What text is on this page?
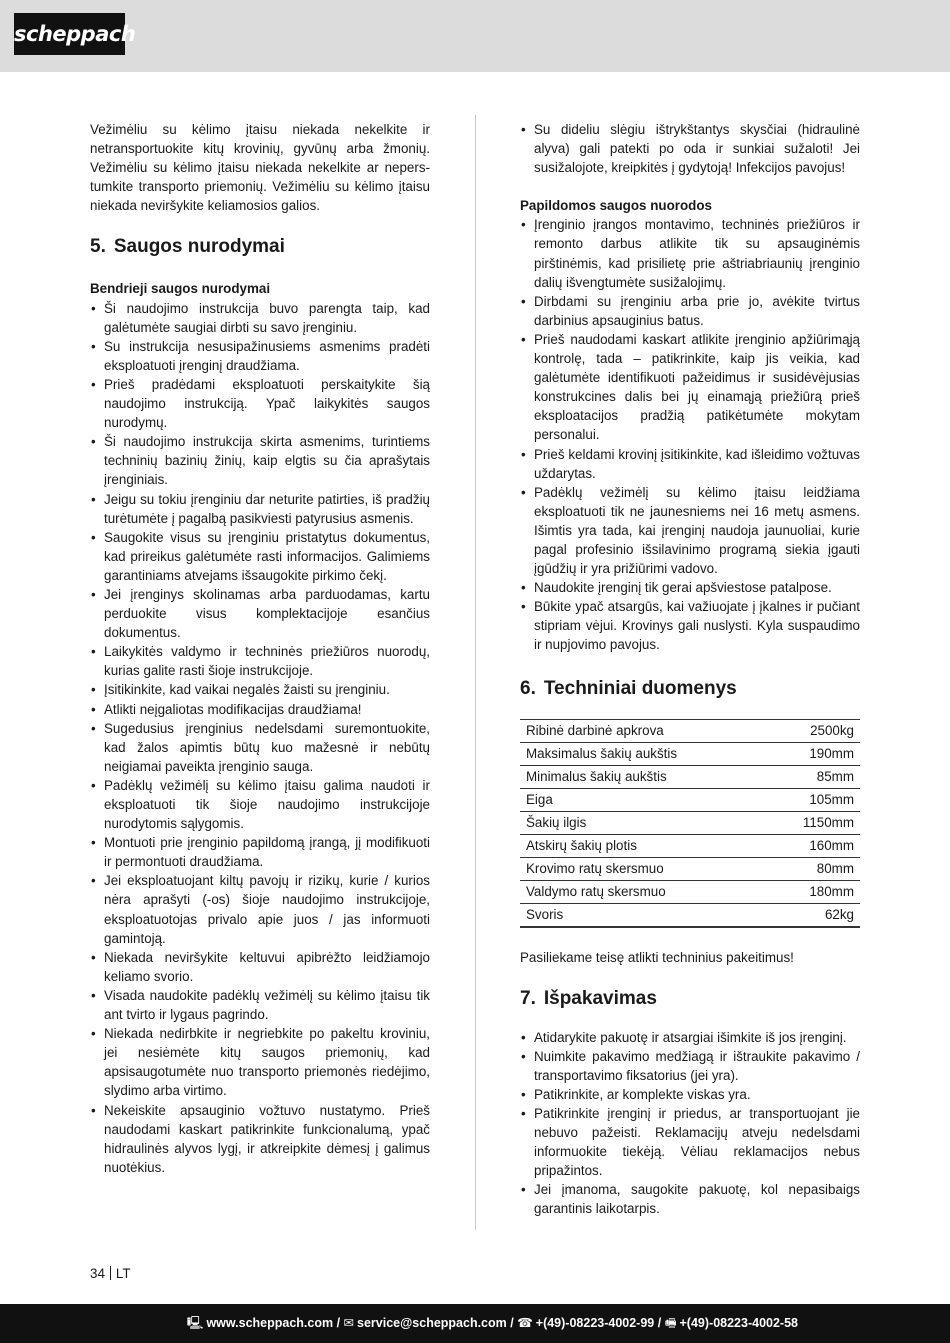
scheppach

Vežimėliu su kėlimo įtaisu niekada nekelkite ir netransportuokite kitų krovinių, gyvūnų arba žmonių. Vežimėliu su kėlimo įtaisu niekada nekelkite ar neperstumkite transporto priemonių. Vežimėliu su kėlimo įtaisu niekada neviršykite keliamosios galios.

5. Saugos nurodymai

Bendrieji saugos nurodymai

• Ši naudojimo instrukcija buvo parengta taip, kad galėtumėte saugiai dirbti su savo įrenginiu.
• Su instrukcija nesusipažinusiems asmenims pradėti eksploatuoti įrenginį draudžiama.
• Prieš pradėdami eksploatuoti perskaitykite šią naudojimo instrukciją. Ypač laikykitės saugos nurodymų.
• Ši naudojimo instrukcija skirta asmenims, turintiems techninių bazinių žinių, kaip elgtis su čia aprašytais įrenginiais.
• Jeigu su tokiu įrenginiu dar neturite patirties, iš pradžių turėtumėte į pagalbą pasikviesti patyrusius asmenis.
• Saugokite visus su įrenginiu pristatytus dokumentus, kad prireikus galėtumėte rasti informacijos. Galimiems garantiniams atvejams išsaugokite pirkimo čekį.
• Jei įrenginys skolinamas arba parduodamas, kartu perduokite visus komplektacijoje esančius dokumentus.
• Laikykitės valdymo ir techninės priežiūros nuorodų, kurias galite rasti šioje instrukcijoje.
• Įsitikinkite, kad vaikai negalės žaisti su įrenginiu.
• Atlikti neįgaliotas modifikacijas draudžiama!
• Sugedusius įrenginius nedelsdami suremontuokite, kad žalos apimtis būtų kuo mažesnė ir nebūtų neigiamai paveikta įrenginio sauga.
• Padėklų vežimėlį su kėlimo įtaisu galima naudoti ir eksploatuoti tik šioje naudojimo instrukcijoje nurodytomis sąlygomis.
• Montuoti prie įrenginio papildomą įrangą, jį modifikuoti ir permontuoti draudžiama.
• Jei eksploatuojant kiltų pavojų ir rizikų, kurie / kurios nėra aprašyti (-os) šioje naudojimo instrukcijoje, eksploatuotojas privalo apie juos / jas informuoti gamintoją.
• Niekada neviršykite keltuvui apibrėžto leidžiamojo keliamo svorio.
• Visada naudokite padėklų vežimėlį su kėlimo įtaisu tik ant tvirto ir lygaus pagrindo.
• Niekada nedirbkite ir negriebkite po pakeltu kroviniu, jei nesiėmėte kitų saugos priemonių, kad apsisaugotumėte nuo transporto priemonės riedėjimo, slydimo arba virtimo.
• Nekeiskite apsauginio vožtuvo nustatymo. Prieš naudodami kaskart patikrinkite funkcionalumą, ypač hidraulinės alyvos lygį, ir atkreipkite dėmesį į galimus nuotėkius.
• Su dideliu slėgiu ištrykštantys skysčiai (hidraulinė alyva) gali patekti po oda ir sunkiai sužaloti! Jei susižalojote, kreipkitės į gydytoją! Infekcijos pavojus!

Papildomos saugos nuorodos

• Įrenginio įrangos montavimo, techninės priežiūros ir remonto darbus atlikite tik su apsauginėmis pirštinėmis, kad prisilietę prie aštriabriaunių įrenginio dalių išvengtumėte susižalojimų.
• Dirbdami su įrenginiu arba prie jo, avėkite tvirtus darbinius apsauginius batus.
• Prieš naudodami kaskart atlikite įrenginio apžiūrimąją kontrolę, tada – patikrinkite, kaip jis veikia, kad galėtumėte identifikuoti pažeidimus ir susidėvėjusias konstrukcines dalis bei jų einamąją priežiūrą prieš eksploatacijos pradžią patikėtumėte mokytam personalui.
• Prieš keldami krovinį įsitikinkite, kad išleidimo vožtuvas uždarytas.
• Padėklų vežimėlį su kėlimo įtaisu leidžiama eksploatuoti tik ne jaunesniems nei 16 metų asmens. Išimtis yra tada, kai įrenginį naudoja jaunuoliai, kurie pagal profesinio išsilavinimo programą siekia įgauti įgūdžių ir yra prižiūrimi vadovo.
• Naudokite įrenginį tik gerai apšviestose patalpose.
• Būkite ypač atsargūs, kai važiuojate į įkalnes ir pučiant stipriam vėjui. Krovinys gali nuslysti. Kyla suspaudimo ir nupjovimo pavojus.
6. Techniniai duomenys
Ribinė darbinė apkrova	2500kg
Maksimalus šakių aukštis	190mm
Minimalus šakių aukštis	85mm
Eiga	105mm
Šakių ilgis	1150mm
Atskirų šakių plotis	160mm
Krovimo ratų skersmuo	80mm
Valdymo ratų skersmuo	180mm
Svoris	62kg

Pasiliekame teisę atlikti techninius pakeitimus!

7. Išpakavimas
• Atidarykite pakuotę ir atsargiai išimkite iš jos įrenginį.
• Nuimkite pakavimo medžiagą ir ištraukite pakavimo / transportavimo fiksatorius (jei yra).
• Patikrinkite, ar komplekte viskas yra.
• Patikrinkite įrenginį ir priedus, ar transportuojant jie nebuvo pažeisti. Reklamacijų atveju nedelsdami informuokite tiekėją. Vėliau reklamacijos nebus pripažintos.
• Jei įmanoma, saugokite pakuotę, kol nepasibaigs garantinis laikotarpis.
34 LT
🖳 www.scheppach.com / ✉ service@scheppach.com / ☎ +(49)-08223-4002-99 / 🖷 +(49)-08223-4002-58
